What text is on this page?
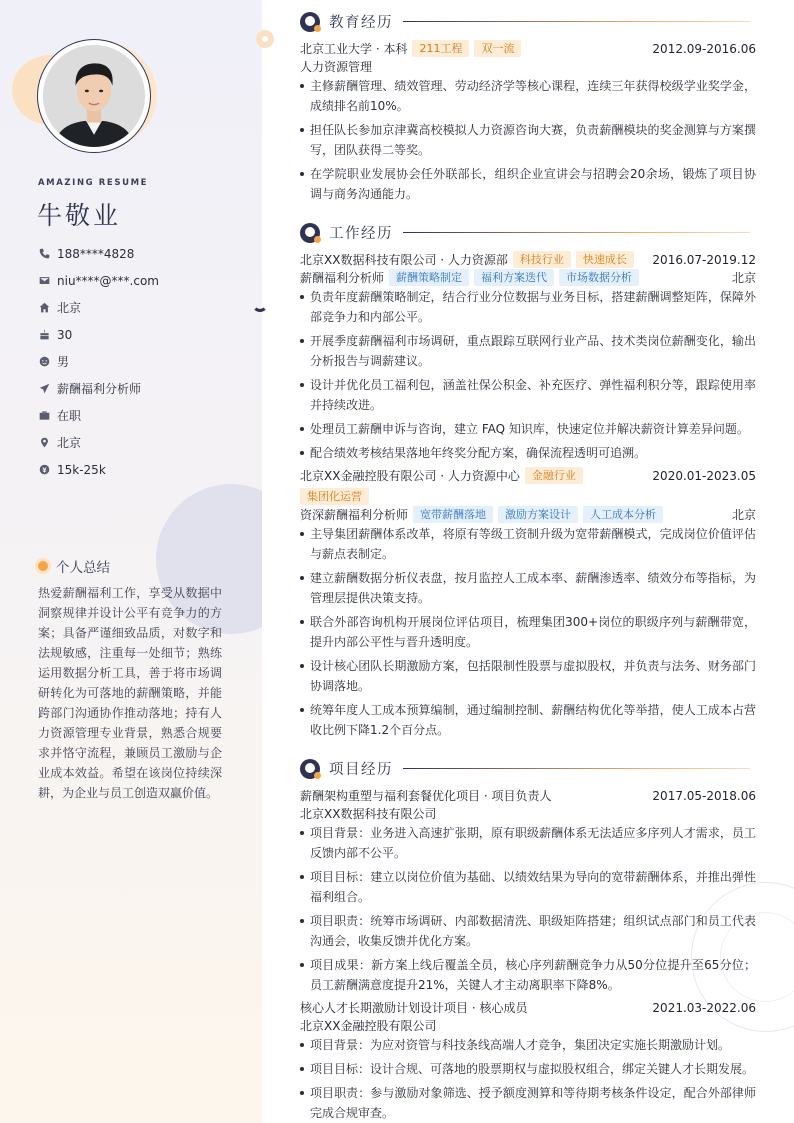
AMAZING RESUME
牛敬业
188****4828
niu****@***.com
北京
30
男
薪酬福利分析师
在职
北京
15k-25k
个人总结
热爱薪酬福利工作，享受从数据中洞察规律并设计公平有竞争力的方案；具备严谨细致品质，对数字和法规敏感，注重每一处细节；熟练运用数据分析工具，善于将市场调研转化为可落地的薪酬策略，并能跨部门沟通协作推动落地；持有人力资源管理专业背景，熟悉合规要求并恪守流程，兼顾员工激励与企业成本效益。希望在该岗位持续深耕，为企业与员工创造双赢价值。
教育经历
北京工业大学 · 本科	211工程	双一流	2012.09-2016.06
人力资源管理
主修薪酬管理、绩效管理、劳动经济学等核心课程，连续三年获得校级学业奖学金，成绩排名前10%。
担任队长参加京津冀高校模拟人力资源咨询大赛，负责薪酬模块的奖金测算与方案撰写，团队获得二等奖。
在学院职业发展协会任外联部长，组织企业宣讲会与招聘会20余场，锻炼了项目协调与商务沟通能力。
工作经历
北京XX数据科技有限公司 · 人力资源部	科技行业	快速成长	2016.07-2019.12
薪酬福利分析师	薪酬策略制定	福利方案迭代	市场数据分析	北京
负责年度薪酬策略制定，结合行业分位数据与业务目标，搭建薪酬调整矩阵，保障外部竞争力和内部公平。
开展季度薪酬福利市场调研，重点跟踪互联网行业产品、技术类岗位薪酬变化，输出分析报告与调薪建议。
设计并优化员工福利包，涵盖社保公积金、补充医疗、弹性福利积分等，跟踪使用率并持续改进。
处理员工薪酬申诉与咨询，建立 FAQ 知识库，快速定位并解决薪资计算差异问题。
配合绩效考核结果落地年终奖分配方案，确保流程透明可追溯。
北京XX金融控股有限公司 · 人力资源中心	金融行业	2020.01-2023.05
集团化运营
资深薪酬福利分析师	宽带薪酬落地	激励方案设计	人工成本分析	北京
主导集团薪酬体系改革，将原有等级工资制升级为宽带薪酬模式，完成岗位价值评估与薪点表制定。
建立薪酬数据分析仪表盘，按月监控人工成本率、薪酬渗透率、绩效分布等指标，为管理层提供决策支持。
联合外部咨询机构开展岗位评估项目，梳理集团300+岗位的职级序列与薪酬带宽，提升内部公平性与晋升透明度。
设计核心团队长期激励方案，包括限制性股票与虚拟股权，并负责与法务、财务部门协调落地。
统筹年度人工成本预算编制，通过编制控制、薪酬结构优化等举措，使人工成本占营收比例下降1.2个百分点。
项目经历
薪酬架构重塑与福利套餐优化项目 · 项目负责人	2017.05-2018.06
北京XX数据科技有限公司
项目背景：业务进入高速扩张期，原有职级薪酬体系无法适应多序列人才需求，员工反馈内部不公平。
项目目标：建立以岗位价值为基础、以绩效结果为导向的宽带薪酬体系，并推出弹性福利组合。
项目职责：统筹市场调研、内部数据清洗、职级矩阵搭建；组织试点部门和员工代表沟通会，收集反馈并优化方案。
项目成果：新方案上线后覆盖全员，核心序列薪酬竞争力从50分位提升至65分位；员工薪酬满意度提升21%，关键人才主动离职率下降8%。
核心人才长期激励计划设计项目 · 核心成员	2021.03-2022.06
北京XX金融控股有限公司
项目背景：为应对资管与科技条线高端人才竞争，集团决定实施长期激励计划。
项目目标：设计合规、可落地的股票期权与虚拟股权组合，绑定关键人才长期发展。
项目职责：参与激励对象筛选、授予额度测算和等待期考核条件设定，配合外部律师完成合规审查。
